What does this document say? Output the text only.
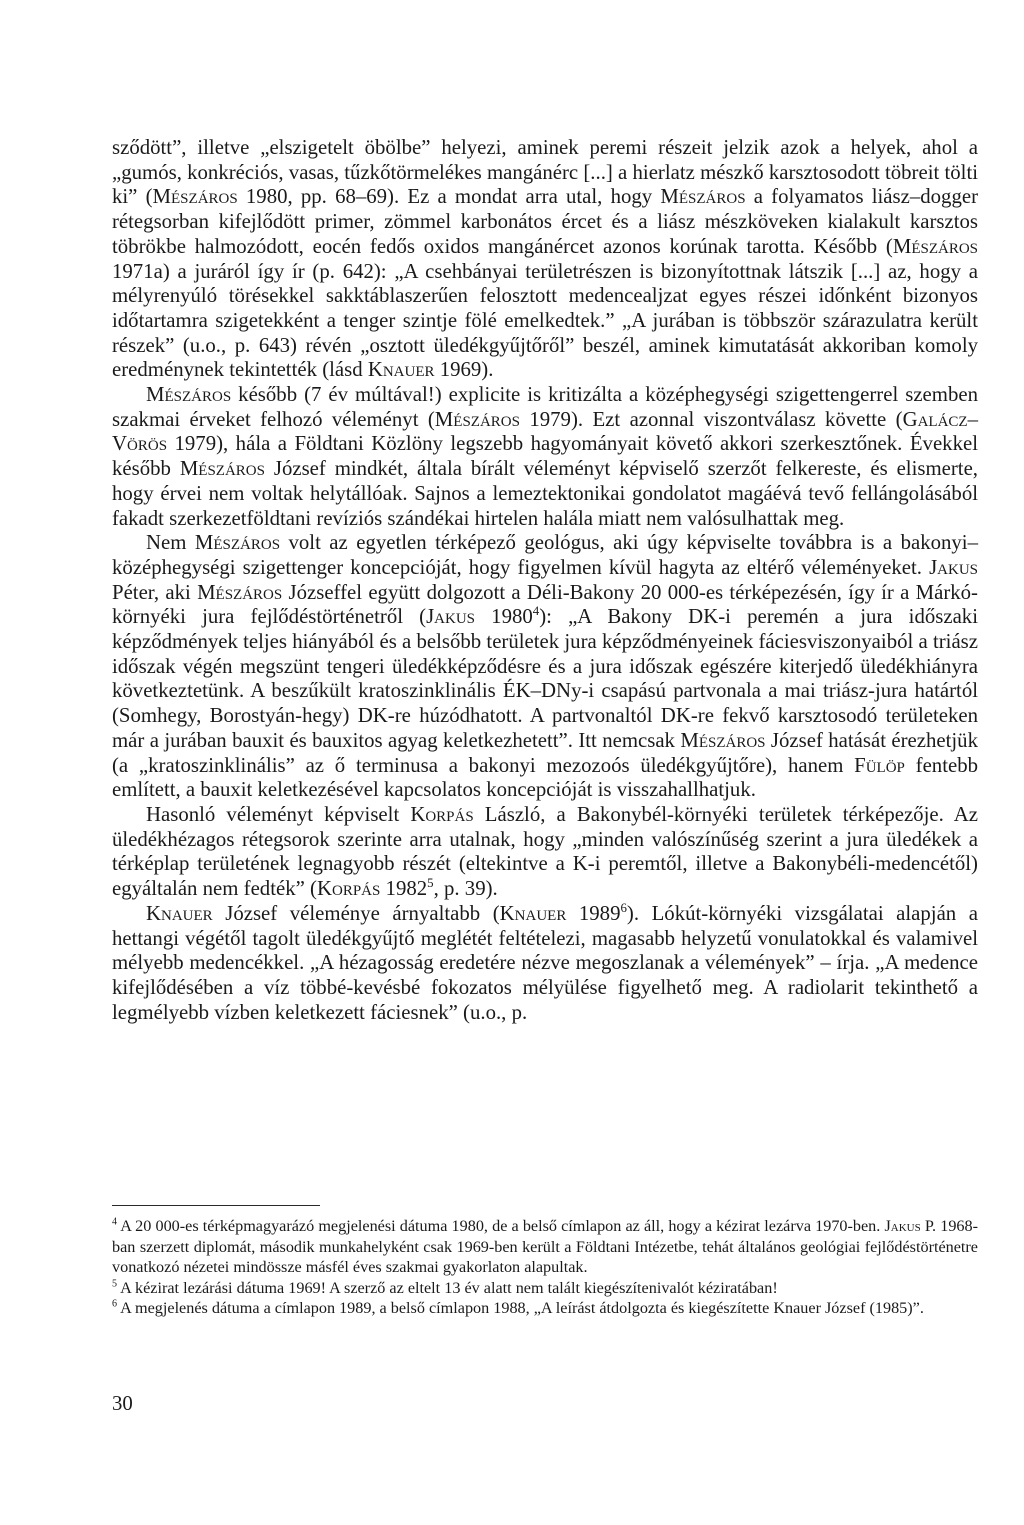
sződött”, illetve „elszigetelt öbölbe” helyezi, aminek peremi részeit jelzik azok a helyek, ahol a „gumós, konkréciós, vasas, tűzkőtörmelékes mangánérc [...] a hierlatz mészkő karsztosodott töbreit tölti ki” (Mészáros 1980, pp. 68–69). Ez a mondat arra utal, hogy Mészáros a folyamatos liász–dogger rétegsorban kifejlődött primer, zömmel karbonátos ércet és a liász mészköveken kialakult karsztos töbrökbe halmozódott, eocén fedős oxidos mangánércet azonos korúnak tarotta. Később (Mészáros 1971a) a juráról így ír (p. 642): „A csehbányai területrészen is bizonyítottnak látszik [...] az, hogy a mélyrenyúló törésekkel sakktáblaszerűen felosztott medencealjzat egyes részei időnként bizonyos időtartamra szigetekként a tenger szintje fölé emelkedtek.” „A jurában is többször szárazulatra került részek” (u.o., p. 643) révén „osztott üledékgyűjtőről” beszél, aminek kimutatását akkoriban komoly eredménynek tekintették (lásd Knauer 1969).

Mészáros később (7 év múltával!) explicite is kritizálta a középhegységi szigettengerrel szemben szakmai érveket felhozó véleményt (Mészáros 1979). Ezt azonnal viszontválasz követte (Galácz–Vörös 1979), hála a Földtani Közlöny legszebb hagyományait követő akkori szerkesztőnek. Évekkel később Mészáros József mindkét, általa bírált véleményt képviselő szerzőt felkereste, és elismerte, hogy érvei nem voltak helytállóak. Sajnos a lemeztektonikai gondolatot magáévá tevő fellángolásából fakadt szerkezetföldtani revíziós szándékai hirtelen halála miatt nem valósulhattak meg.

Nem Mészáros volt az egyetlen térképező geológus, aki úgy képviselte továbbra is a bakonyi–középhegységi szigettenger koncepcióját, hogy figyelmen kívül hagyta az eltérő véleményeket. Jakus Péter, aki Mészáros Józseffel együtt dolgozott a Déli-Bakony 20 000-es térképezésén, így ír a Márkó-környéki jura fejlődéstörténetről (Jakus 1980$^4$): „A Bakony DK-i peremén a jura időszaki képződmények teljes hiányából és a belsőbb területek jura képződményeinek fáciesviszonyaiból a triász időszak végén megszünt tengeri üledékképződésre és a jura időszak egészére kiterjedő üledékhiányra következtetünk. A beszűkült kratoszinklinális ÉK–DNy-i csapású partvonala a mai triász-jura határtól (Somhegy, Borostyán-hegy) DK-re húzódhatott. A partvonaltól DK-re fekvő karsztosodó területeken már a jurában bauxit és bauxitos agyag keletkezhetett”. Itt nemcsak Mészáros József hatását érezhetjük (a „kratoszinklinális” az ő terminusa a bakonyi mezozoós üledékgyűjtőre), hanem Fülöp fentebb említett, a bauxit keletkezésével kapcsolatos koncepcióját is visszahallhatjuk.

Hasonló véleményt képviselt Korpás László, a Bakonybél-környéki területek térképezője. Az üledékhézagos rétegsorok szerinte arra utalnak, hogy „minden valószínűség szerint a jura üledékek a térképlap területének legnagyobb részét (eltekintve a K-i peremtől, illetve a Bakonybéli-medencétől) egyáltalán nem fedték” (Korpás 1982$^5$, p. 39).

Knauer József véleménye árnyaltabb (Knauer 1989$^6$). Lókút-környéki vizsgálatai alapján a hettangi végétől tagolt üledékgyűjtő meglétét feltételezi, magasabb helyzetű vonulatokkal és valamivel mélyebb medencékkel. „A hézagosság eredetére nézve megoszlanak a vélemények” – írja. „A medence kifejlődésében a víz többé-kevésbé fokozatos mélyülése figyelhető meg. A radiolarit tekinthető a legmélyebb vízben keletkezett fáciesnek” (u.o., p.

$^4$ A 20 000-es térképmagyarázó megjelenési dátuma 1980, de a belső címlapon az áll, hogy a kézirat lezárva 1970-ben. Jakus P. 1968-ban szerzett diplomát, második munkahelyként csak 1969-ben került a Földtani Intézetbe, tehát általános geológiai fejlődéstörténetre vonatkozó nézetei mindössze másfél éves szakmai gyakorlaton alapultak.

$^5$ A kézirat lezárási dátuma 1969! A szerző az eltelt 13 év alatt nem talált kiegészítenivalót kéziratában!

$^6$ A megjelenés dátuma a címlapon 1989, a belső címlapon 1988, „A leírást átdolgozta és kiegészítette Knauer József (1985)”.

30
